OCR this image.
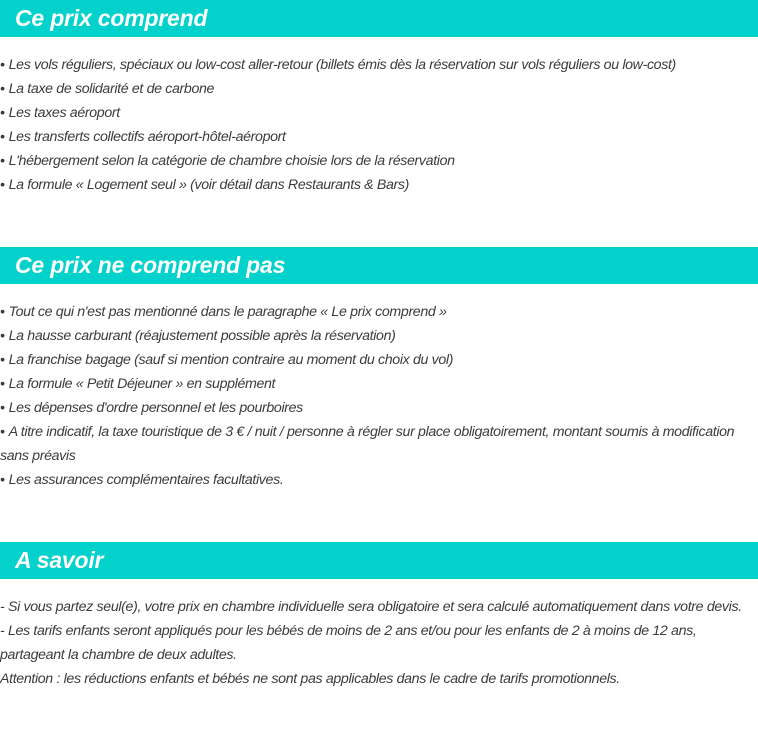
Ce prix comprend
• Les vols réguliers, spéciaux ou low-cost aller-retour (billets émis dès la réservation sur vols réguliers ou low-cost)
• La taxe de solidarité et de carbone
• Les taxes aéroport
• Les transferts collectifs aéroport-hôtel-aéroport
• L'hébergement selon la catégorie de chambre choisie lors de la réservation
• La formule « Logement seul » (voir détail dans Restaurants & Bars)
Ce prix ne comprend pas
• Tout ce qui n'est pas mentionné dans le paragraphe « Le prix comprend »
• La hausse carburant (réajustement possible après la réservation)
• La franchise bagage (sauf si mention contraire au moment du choix du vol)
• La formule « Petit Déjeuner » en supplément
• Les dépenses d'ordre personnel et les pourboires
• A titre indicatif, la taxe touristique de 3 € / nuit / personne à régler sur place obligatoirement, montant soumis à modification sans préavis
• Les assurances complémentaires facultatives.
A savoir

- Si vous partez seul(e), votre prix en chambre individuelle sera obligatoire et sera calculé automatiquement dans votre devis.

- Les tarifs enfants seront appliqués pour les bébés de moins de 2 ans et/ou pour les enfants de 2 à moins de 12 ans, partageant la chambre de deux adultes.

Attention : les réductions enfants et bébés ne sont pas applicables dans le cadre de tarifs promotionnels.
